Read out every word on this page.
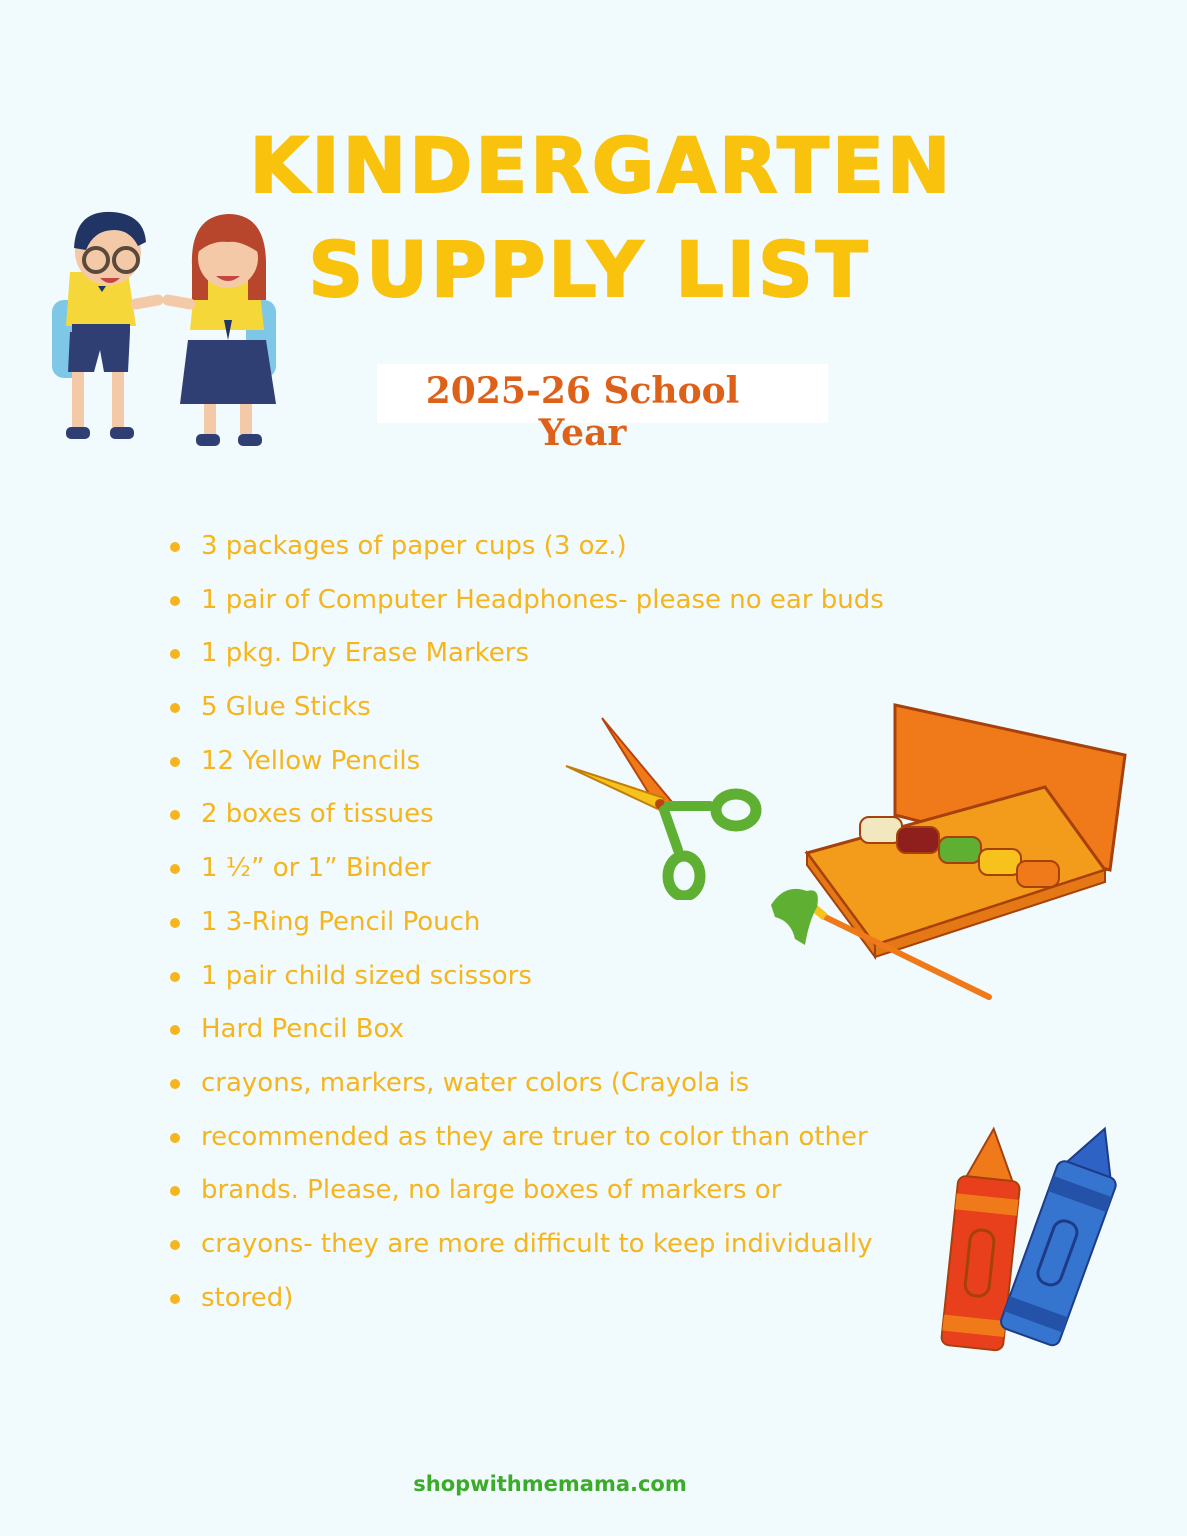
KINDERGARTEN
SUPPLY LIST
2025-26 School Year
3 packages of paper cups (3 oz.)
1 pair of Computer Headphones- please no ear buds
1 pkg. Dry Erase Markers
5 Glue Sticks
12 Yellow Pencils
2 boxes of tissues
1 ½” or 1” Binder
1 3-Ring Pencil Pouch
1 pair child sized scissors
Hard Pencil Box
crayons, markers, water colors (Crayola is
recommended as they are truer to color than other
brands. Please, no large boxes of markers or
crayons- they are more difficult to keep individually
stored)
shopwithmemama.com
